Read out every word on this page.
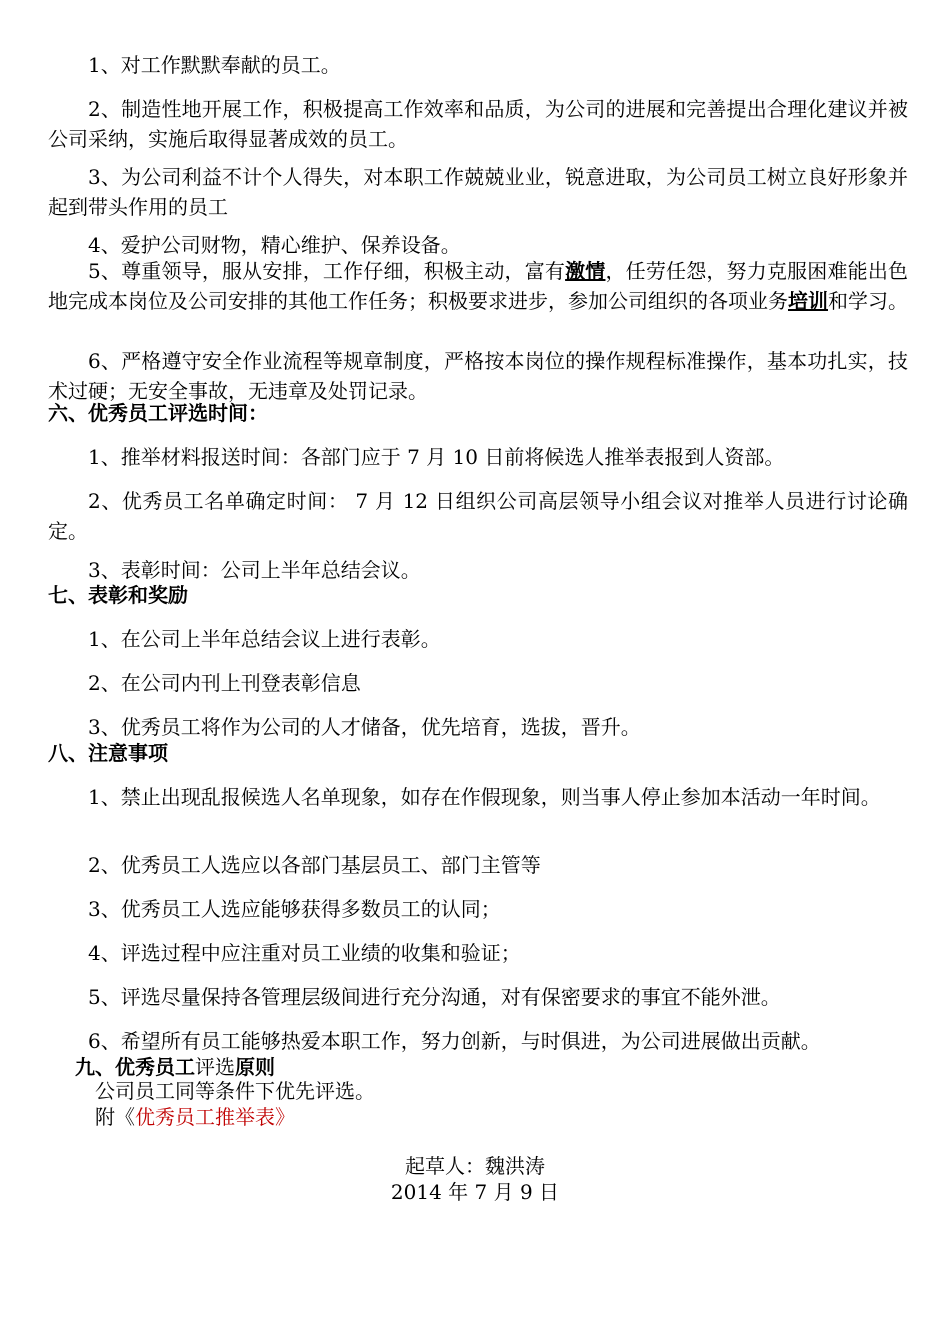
1、对工作默默奉献的员工。
2、制造性地开展工作，积极提高工作效率和品质，为公司的进展和完善提出合理化建议并被公司采纳，实施后取得显著成效的员工。
3、为公司利益不计个人得失，对本职工作兢兢业业，锐意进取，为公司员工树立良好形象并起到带头作用的员工
4、爱护公司财物，精心维护、保养设备。
5、尊重领导，服从安排，工作仔细，积极主动，富有激情，任劳任怨，努力克服困难能出色地完成本岗位及公司安排的其他工作任务；积极要求进步，参加公司组织的各项业务培训和学习。
6、严格遵守安全作业流程等规章制度，严格按本岗位的操作规程标准操作，基本功扎实，技术过硬；无安全事故，无违章及处罚记录。
六、优秀员工评选时间：
1、推举材料报送时间：各部门应于 7 月 10 日前将候选人推举表报到人资部。
2、优秀员工名单确定时间： 7 月 12 日组织公司高层领导小组会议对推举人员进行讨论确定。
3、表彰时间：公司上半年总结会议。
七、表彰和奖励
1、在公司上半年总结会议上进行表彰。
2、在公司内刊上刊登表彰信息
3、优秀员工将作为公司的人才储备，优先培育，选拔，晋升。
八、注意事项
1、禁止出现乱报候选人名单现象，如存在作假现象，则当事人停止参加本活动一年时间。
2、优秀员工人选应以各部门基层员工、部门主管等
3、优秀员工人选应能够获得多数员工的认同；
4、评选过程中应注重对员工业绩的收集和验证；
5、评选尽量保持各管理层级间进行充分沟通，对有保密要求的事宜不能外泄。
6、希望所有员工能够热爱本职工作，努力创新，与时俱进，为公司进展做出贡献。
九、优秀员工评选原则
公司员工同等条件下优先评选。
附《优秀员工推举表》
起草人：魏洪涛
2014 年 7 月 9 日
